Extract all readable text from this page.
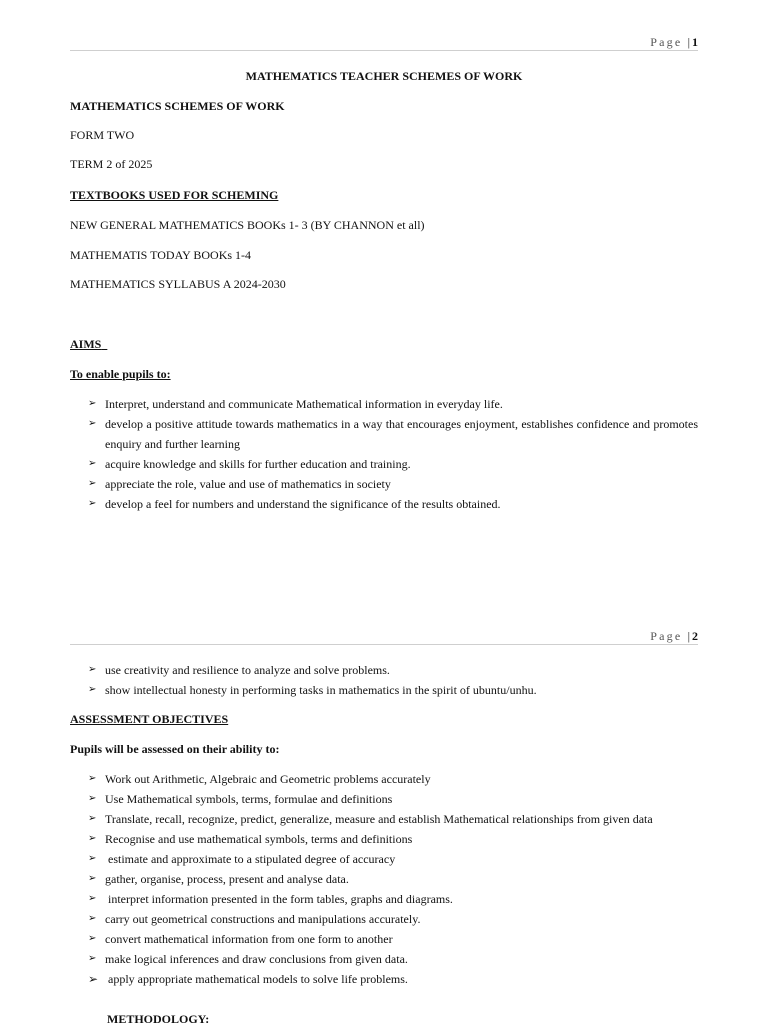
Page | 1
MATHEMATICS TEACHER SCHEMES OF WORK
MATHEMATICS SCHEMES OF WORK
FORM TWO
TERM 2 of 2025
TEXTBOOKS USED FOR SCHEMING
NEW GENERAL MATHEMATICS BOOKs 1- 3 (BY CHANNON et all)
MATHEMATIS TODAY BOOKs 1-4
MATHEMATICS SYLLABUS A 2024-2030
AIMS
To enable pupils to:
➢ Interpret, understand and communicate Mathematical information in everyday life.
➢ develop a positive attitude towards mathematics in a way that encourages enjoyment, establishes confidence and promotes enquiry and further learning
➢ acquire knowledge and skills for further education and training.
➢ appreciate the role, value and use of mathematics in society
➢ develop a feel for numbers and understand the significance of the results obtained.
Page | 2
➢ use creativity and resilience to analyze and solve problems.
➢ show intellectual honesty in performing tasks in mathematics in the spirit of ubuntu/unhu.
ASSESSMENT OBJECTIVES
Pupils will be assessed on their ability to:
➢ Work out Arithmetic, Algebraic and Geometric problems accurately
➢ Use Mathematical symbols, terms, formulae and definitions
➢ Translate, recall, recognize, predict, generalize, measure and establish Mathematical relationships from given data
➢ Recognise and use mathematical symbols, terms and definitions
➢ estimate and approximate to a stipulated degree of accuracy
➢ gather, organise, process, present and analyse data.
➢ interpret information presented in the form tables, graphs and diagrams.
➢ carry out geometrical constructions and manipulations accurately.
➢ convert mathematical information from one form to another
➢ make logical inferences and draw conclusions from given data.
➢ apply appropriate mathematical models to solve life problems.
METHODOLOGY:
